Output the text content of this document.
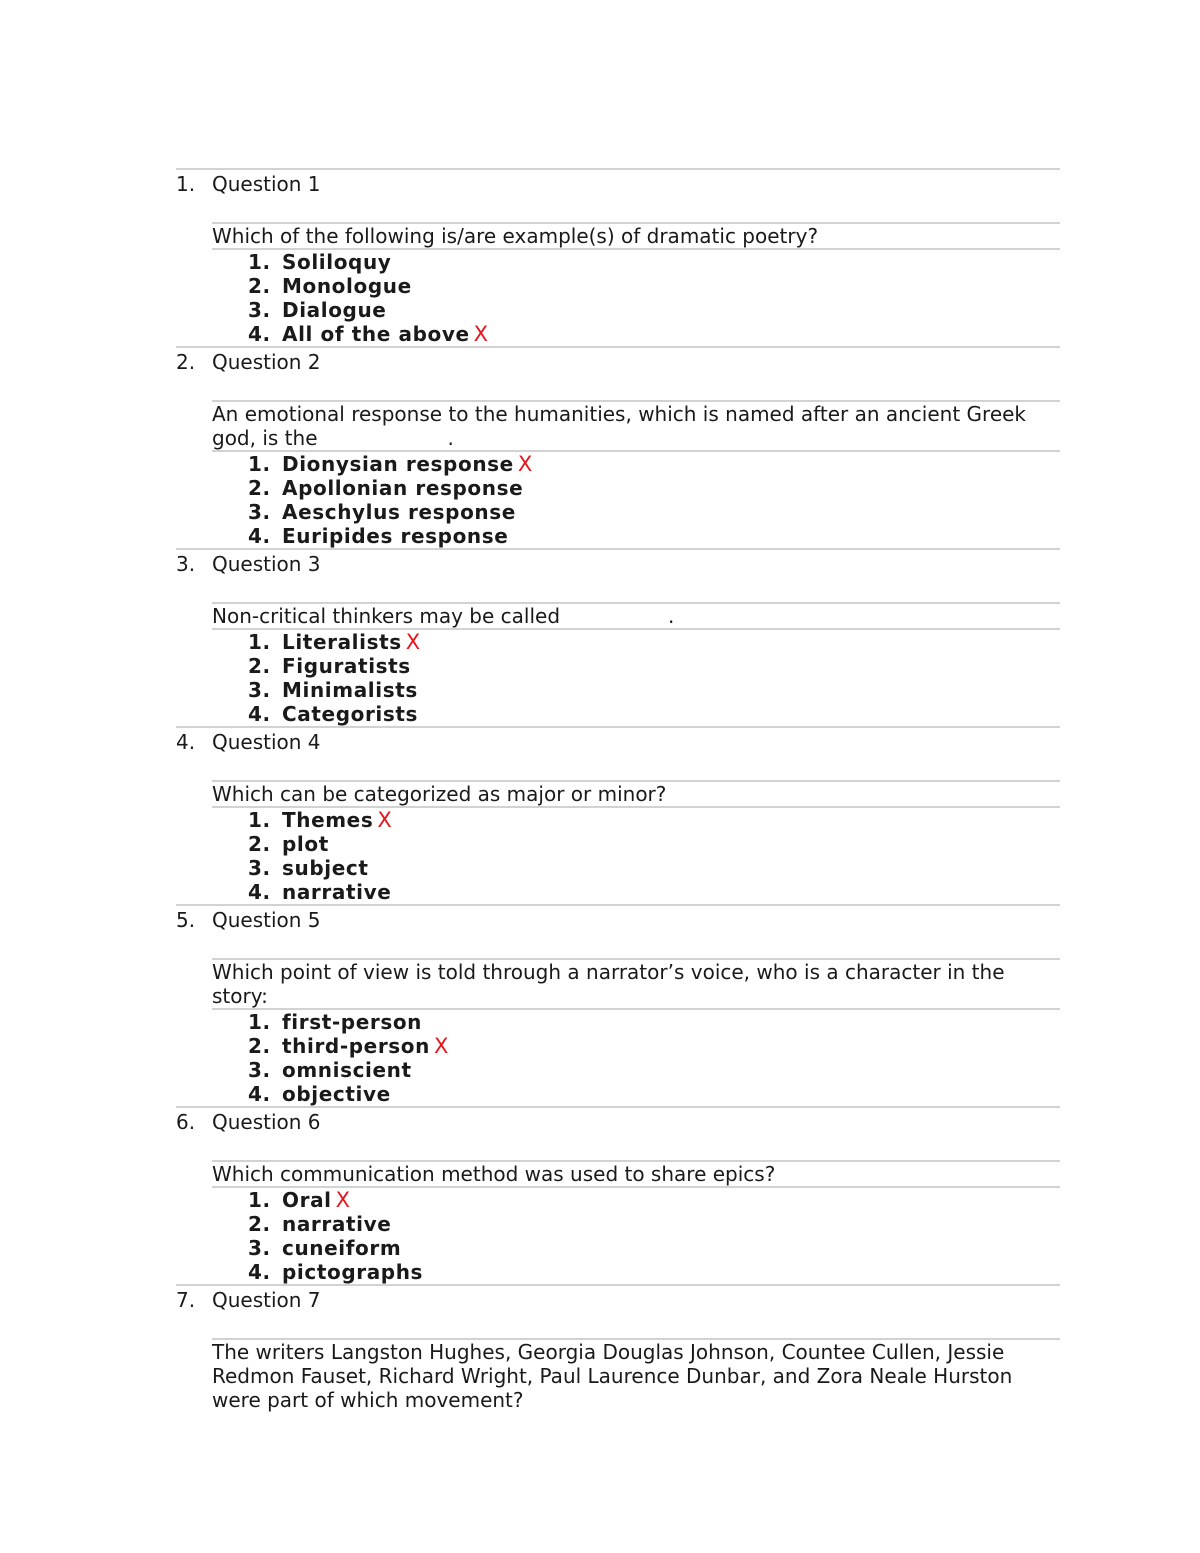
1. Question 1
Which of the following is/are example(s) of dramatic poetry?
1. Soliloquy
2. Monologue
3. Dialogue
4. All of the above X
2. Question 2
An emotional response to the humanities, which is named after an ancient Greek god, is the	.
1. Dionysian response X
2. Apollonian response
3. Aeschylus response
4. Euripides response
3. Question 3
Non-critical thinkers may be called	.
1. Literalists X
2. Figuratists
3. Minimalists
4. Categorists
4. Question 4
Which can be categorized as major or minor?
1. Themes X
2. plot
3. subject
4. narrative
5. Question 5
Which point of view is told through a narrator’s voice, who is a character in the story:
1. first-person
2. third-person X
3. omniscient
4. objective
6. Question 6
Which communication method was used to share epics?
1. Oral X
2. narrative
3. cuneiform
4. pictographs
7. Question 7
The writers Langston Hughes, Georgia Douglas Johnson, Countee Cullen, Jessie Redmon Fauset, Richard Wright, Paul Laurence Dunbar, and Zora Neale Hurston were part of which movement?
